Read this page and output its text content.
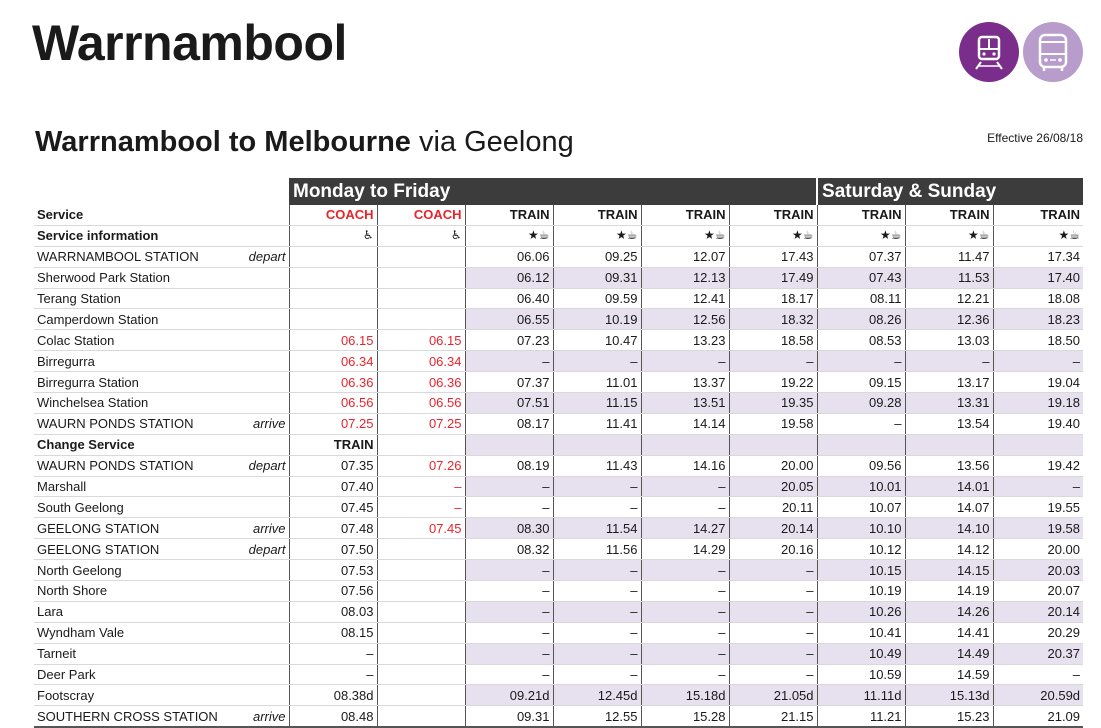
Warrnambool
Warrnambool to Melbourne via Geelong	Effective 26/08/18
	Monday to Friday						Saturday & Sunday		
Service	COACH	COACH	TRAIN	TRAIN	TRAIN	TRAIN	TRAIN	TRAIN	TRAIN
Service information	♿	♿	★☕	★☕	★☕	★☕	★☕	★☕	★☕

WARRNAMBOOL STATION depart			06.06	09.25	12.07	17.43	07.37	11.47	17.34

Sherwood Park Station			06.12	09.31	12.13	17.49	07.43	11.53	17.40

Terang Station			06.40	09.59	12.41	18.17	08.11	12.21	18.08

Camperdown Station			06.55	10.19	12.56	18.32	08.26	12.36	18.23

Colac Station	06.15	06.15	07.23	10.47	13.23	18.58	08.53	13.03	18.50

Birregurra	06.34	06.34	–	–	–	–	–	–	–

Birregurra Station	06.36	06.36	07.37	11.01	13.37	19.22	09.15	13.17	19.04

Winchelsea Station	06.56	06.56	07.51	11.15	13.51	19.35	09.28	13.31	19.18

WAURN PONDS STATION arrive	07.25	07.25	08.17	11.41	14.14	19.58	–	13.54	19.40
Change Service	TRAIN								

WAURN PONDS STATION depart	07.35	07.26	08.19	11.43	14.16	20.00	09.56	13.56	19.42

Marshall	07.40	–	–	–	–	20.05	10.01	14.01	–

South Geelong	07.45	–	–	–	–	20.11	10.07	14.07	19.55

GEELONG STATION arrive	07.48	07.45	08.30	11.54	14.27	20.14	10.10	14.10	19.58

GEELONG STATION depart	07.50		08.32	11.56	14.29	20.16	10.12	14.12	20.00

North Geelong	07.53		–	–	–	–	10.15	14.15	20.03

North Shore	07.56		–	–	–	–	10.19	14.19	20.07

Lara	08.03		–	–	–	–	10.26	14.26	20.14

Wyndham Vale	08.15		–	–	–	–	10.41	14.41	20.29

Tarneit	–		–	–	–	–	10.49	14.49	20.37

Deer Park	–		–	–	–	–	10.59	14.59	–

Footscray	08.38d		09.21d	12.45d	15.18d	21.05d	11.11d	15.13d	20.59d

SOUTHERN CROSS STATION arrive	08.48		09.31	12.55	15.28	21.15	11.21	15.23	21.09
